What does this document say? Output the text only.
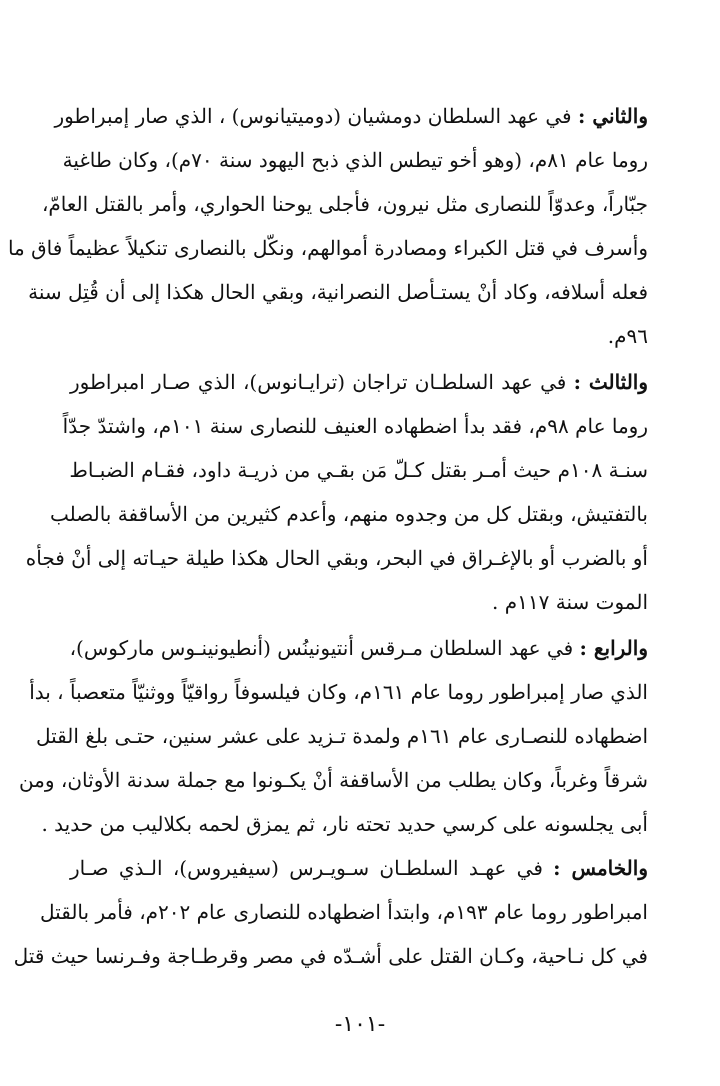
والثاني : في عهد السلطان دومشيان (دوميتيانوس) ، الذي صار إمبراطور
روما عام ٨١م، (وهو أخو تيطس الذي ذبح اليهود سنة ٧٠م)، وكان طاغية
جبّاراً، وعدوّاً للنصارى مثل نيرون، فأجلى يوحنا الحواري، وأمر بالقتل العامّ،
وأسرف في قتل الكبراء ومصادرة أموالهم، ونكّل بالنصارى تنكيلاً عظيماً فاق ما
فعله أسلافه، وكاد أنْ يستـأصل النصرانية، وبقي الحال هكذا إلى أن قُتِل سنة
٩٦م.
والثالث : في عهد السلطـان تراجان (ترايـانوس)، الذي صـار امبراطور
روما عام ٩٨م، فقد بدأ اضطهاده العنيف للنصارى سنة ١٠١م، واشتدّ جدّاً
سنـة ١٠٨م حيث أمـر بقتل كـلّ مَن بقـي من ذريـة داود، فقـام الضبـاط
بالتفتيش، وبقتل كل من وجدوه منهم، وأعدم كثيرين من الأساقفة بالصلب
أو بالضرب أو بالإغـراق في البحر، وبقي الحال هكذا طيلة حيـاته إلى أنْ فجأه
الموت سنة ١١٧م .
والرابع : في عهد السلطان مـرقس أنتيونينُس (أنطيونينـوس ماركوس)،
الذي صار إمبراطور روما عام ١٦١م، وكان فيلسوفاً رواقيّاً ووثنيّاً متعصباً ، بدأ
اضطهاده للنصـارى عام ١٦١م ولمدة تـزيد على عشر سنين، حتـى بلغ القتل
شرقاً وغرباً، وكان يطلب من الأساقفة أنْ يكـونوا مع جملة سدنة الأوثان، ومن
أبى يجلسونه على كرسي حديد تحته نار، ثم يمزق لحمه بكلاليب من حديد .
والخامس : في عهـد السلطـان سـويـرس (سيفيروس)، الـذي صـار
امبراطور روما عام ١٩٣م، وابتدأ اضطهاده للنصارى عام ٢٠٢م، فأمر بالقتل
في كل نـاحية، وكـان القتل على أشـدّه في مصر وقرطـاجة وفـرنسا حيث قتل
-١٠١-
